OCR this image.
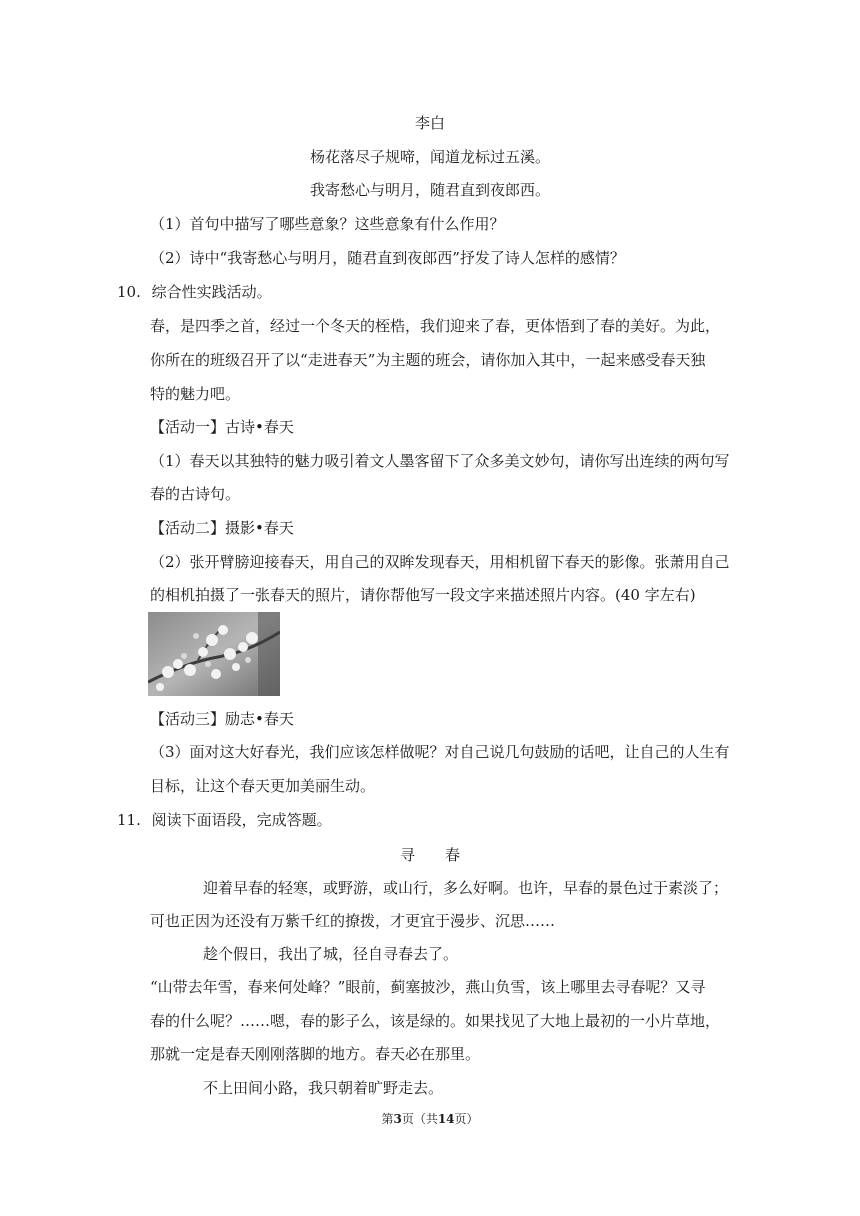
李白
杨花落尽子规啼，闻道龙标过五溪。
我寄愁心与明月，随君直到夜郎西。
（1）首句中描写了哪些意象？这些意象有什么作用？
（2）诗中“我寄愁心与明月，随君直到夜郎西”抒发了诗人怎样的感情？
10. 综合性实践活动。
春，是四季之首，经过一个冬天的桎梏，我们迎来了春，更体悟到了春的美好。为此，
你所在的班级召开了以“走进春天”为主题的班会，请你加入其中，一起来感受春天独
特的魅力吧。
【活动一】古诗•春天
（1）春天以其独特的魅力吸引着文人墨客留下了众多美文妙句，请你写出连续的两句写
春的古诗句。
【活动二】摄影•春天
（2）张开臂膀迎接春天，用自己的双眸发现春天，用相机留下春天的影像。张萧用自己
的相机拍摄了一张春天的照片，请你帮他写一段文字来描述照片内容。(40 字左右)
【活动三】励志•春天
（3）面对这大好春光，我们应该怎样做呢？对自己说几句鼓励的话吧，让自己的人生有
目标，让这个春天更加美丽生动。
11. 阅读下面语段，完成答题。
寻　　春
迎着早春的轻寒，或野游，或山行，多么好啊。也许，早春的景色过于素淡了；
可也正因为还没有万紫千红的撩拨，才更宜于漫步、沉思……
趁个假日，我出了城，径自寻春去了。
“山带去年雪，春来何处峰？”眼前，蓟塞披沙，燕山负雪，该上哪里去寻春呢？又寻
春的什么呢？……嗯，春的影子么，该是绿的。如果找见了大地上最初的一小片草地，
那就一定是春天刚刚落脚的地方。春天必在那里。
不上田间小路，我只朝着旷野走去。
第3页（共14页）
